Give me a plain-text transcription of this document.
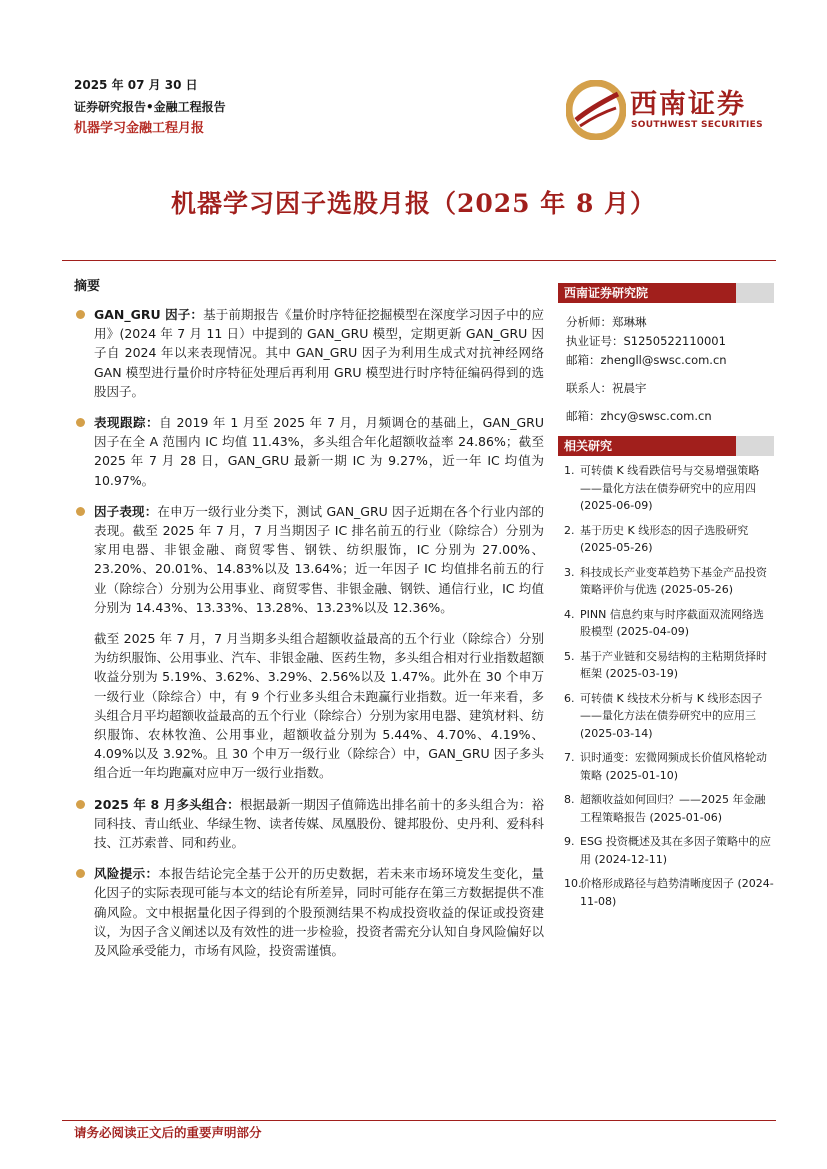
2025 年 07 月 30 日
证券研究报告•金融工程报告
机器学习金融工程月报
西南证券
SOUTHWEST SECURITIES
机器学习因子选股月报（2025 年 8 月）
摘要
GAN_GRU 因子：基于前期报告《量价时序特征挖掘模型在深度学习因子中的应用》(2024 年 7 月 11 日）中提到的 GAN_GRU 模型，定期更新 GAN_GRU 因子自 2024 年以来表现情况。其中 GAN_GRU 因子为利用生成式对抗神经网络 GAN 模型进行量价时序特征处理后再利用 GRU 模型进行时序特征编码得到的选股因子。
表现跟踪：自 2019 年 1 月至 2025 年 7 月，月频调仓的基础上，GAN_GRU 因子在全 A 范围内 IC 均值 11.43%，多头组合年化超额收益率 24.86%；截至 2025 年 7 月 28 日，GAN_GRU 最新一期 IC 为 9.27%，近一年 IC 均值为 10.97%。
因子表现：在申万一级行业分类下，测试 GAN_GRU 因子近期在各个行业内部的表现。截至 2025 年 7 月，7 月当期因子 IC 排名前五的行业（除综合）分别为家用电器、非银金融、商贸零售、钢铁、纺织服饰，IC 分别为 27.00%、23.20%、20.01%、14.83%以及 13.64%；近一年因子 IC 均值排名前五的行业（除综合）分别为公用事业、商贸零售、非银金融、钢铁、通信行业，IC 均值分别为 14.43%、13.33%、13.28%、13.23%以及 12.36%。
截至 2025 年 7 月，7 月当期多头组合超额收益最高的五个行业（除综合）分别为纺织服饰、公用事业、汽车、非银金融、医药生物，多头组合相对行业指数超额收益分别为 5.19%、3.62%、3.29%、2.56%以及 1.47%。此外在 30 个申万一级行业（除综合）中，有 9 个行业多头组合未跑赢行业指数。近一年来看，多头组合月平均超额收益最高的五个行业（除综合）分别为家用电器、建筑材料、纺织服饰、农林牧渔、公用事业，超额收益分别为 5.44%、4.70%、4.19%、4.09%以及 3.92%。且 30 个申万一级行业（除综合）中，GAN_GRU 因子多头组合近一年均跑赢对应申万一级行业指数。
2025 年 8 月多头组合：根据最新一期因子值筛选出排名前十的多头组合为：裕同科技、青山纸业、华绿生物、读者传媒、凤凰股份、键邦股份、史丹利、爱科科技、江苏索普、同和药业。
风险提示：本报告结论完全基于公开的历史数据，若未来市场环境发生变化，量化因子的实际表现可能与本文的结论有所差异，同时可能存在第三方数据提供不准确风险。文中根据量化因子得到的个股预测结果不构成投资收益的保证或投资建议，为因子含义阐述以及有效性的进一步检验，投资者需充分认知自身风险偏好以及风险承受能力，市场有风险，投资需谨慎。
西南证券研究院
分析师：郑琳琳
执业证号：S1250522110001
邮箱：zhengll@swsc.com.cn
联系人：祝晨宇
邮箱：zhcy@swsc.com.cn
相关研究
1. 可转债 K 线看跌信号与交易增强策略——量化方法在债券研究中的应用四 (2025-06-09)
2. 基于历史 K 线形态的因子选股研究 (2025-05-26)
3. 科技成长产业变革趋势下基金产品投资策略评价与优选 (2025-05-26)
4. PINN 信息约束与时序截面双流网络选股模型 (2025-04-09)
5. 基于产业链和交易结构的主粘期货择时框架 (2025-03-19)
6. 可转债 K 线技术分析与 K 线形态因子——量化方法在债券研究中的应用三 (2025-03-14)
7. 识时通变：宏微网频成长价值风格轮动策略 (2025-01-10)
8. 超额收益如何回归？——2025 年金融工程策略报告 (2025-01-06)
9. ESG 投资概述及其在多因子策略中的应用 (2024-12-11)
10.
价格形成路径与趋势清晰度因子 (2024-11-08)
请务必阅读正文后的重要声明部分
